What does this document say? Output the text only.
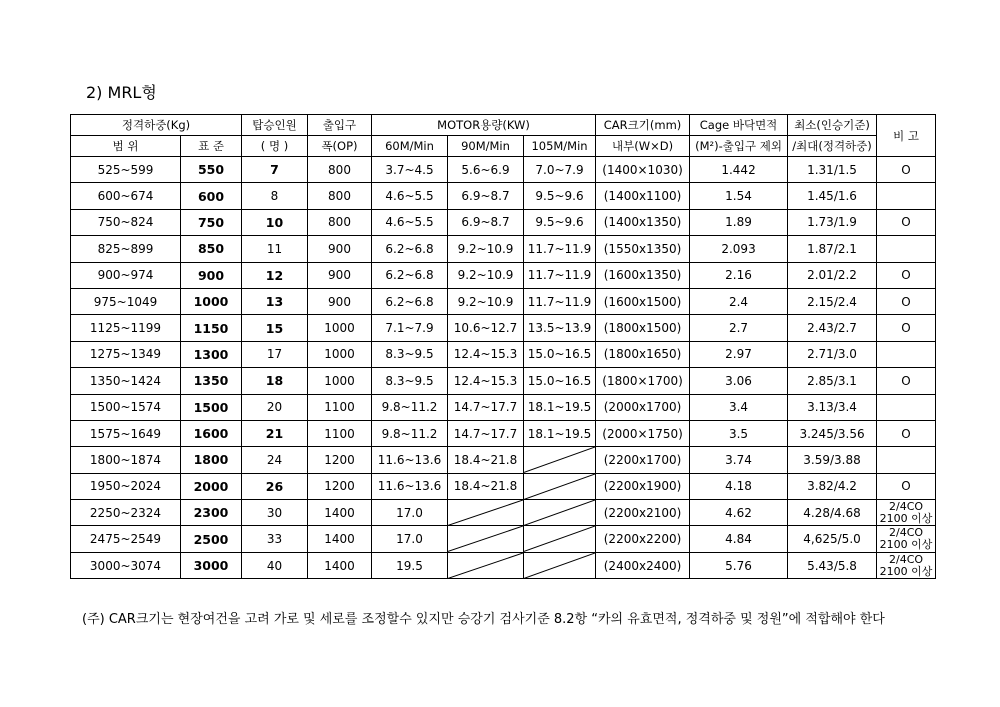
2) MRL형
정격하중(Kg)		탑승인원	출입구	MOTOR용량(KW)			CAR크기(mm)	Cage 바닥면적	최소(인승기준)	비 고
범 위	표 준	( 명 )	폭(OP)	60M/Min	90M/Min	105M/Min	내부(W×D)	(M²)-출입구 제외	/최대(정격하중)	
525~599	550	7	800	3.7~4.5	5.6~6.9	7.0~7.9	(1400×1030)	1.442	1.31/1.5	O
600~674	600	8	800	4.6~5.5	6.9~8.7	9.5~9.6	(1400x1100)	1.54	1.45/1.6	
750~824	750	10	800	4.6~5.5	6.9~8.7	9.5~9.6	(1400x1350)	1.89	1.73/1.9	O
825~899	850	11	900	6.2~6.8	9.2~10.9	11.7~11.9	(1550x1350)	2.093	1.87/2.1	
900~974	900	12	900	6.2~6.8	9.2~10.9	11.7~11.9	(1600x1350)	2.16	2.01/2.2	O
975~1049	1000	13	900	6.2~6.8	9.2~10.9	11.7~11.9	(1600x1500)	2.4	2.15/2.4	O
1125~1199	1150	15	1000	7.1~7.9	10.6~12.7	13.5~13.9	(1800x1500)	2.7	2.43/2.7	O
1275~1349	1300	17	1000	8.3~9.5	12.4~15.3	15.0~16.5	(1800x1650)	2.97	2.71/3.0	
1350~1424	1350	18	1000	8.3~9.5	12.4~15.3	15.0~16.5	(1800×1700)	3.06	2.85/3.1	O
1500~1574	1500	20	1100	9.8~11.2	14.7~17.7	18.1~19.5	(2000x1700)	3.4	3.13/3.4	
1575~1649	1600	21	1100	9.8~11.2	14.7~17.7	18.1~19.5	(2000×1750)	3.5	3.245/3.56	O
1800~1874	1800	24	1200	11.6~13.6	18.4~21.8		(2200x1700)	3.74	3.59/3.88	
1950~2024	2000	26	1200	11.6~13.6	18.4~21.8		(2200x1900)	4.18	3.82/4.2	O
2250~2324	2300	30	1400	17.0			(2200x2100)	4.62	4.28/4.68	2/4CO
2100 이상
2475~2549	2500	33	1400	17.0			(2200x2200)	4.84	4,625/5.0	2/4CO
2100 이상
3000~3074	3000	40	1400	19.5			(2400x2400)	5.76	5.43/5.8	2/4CO
2100 이상
(주) CAR크기는 현장여건을 고려 가로 및 세로를 조정할수 있지만 승강기 검사기준 8.2항 “카의 유효면적, 정격하중 및 정원”에 적합해야 한다
